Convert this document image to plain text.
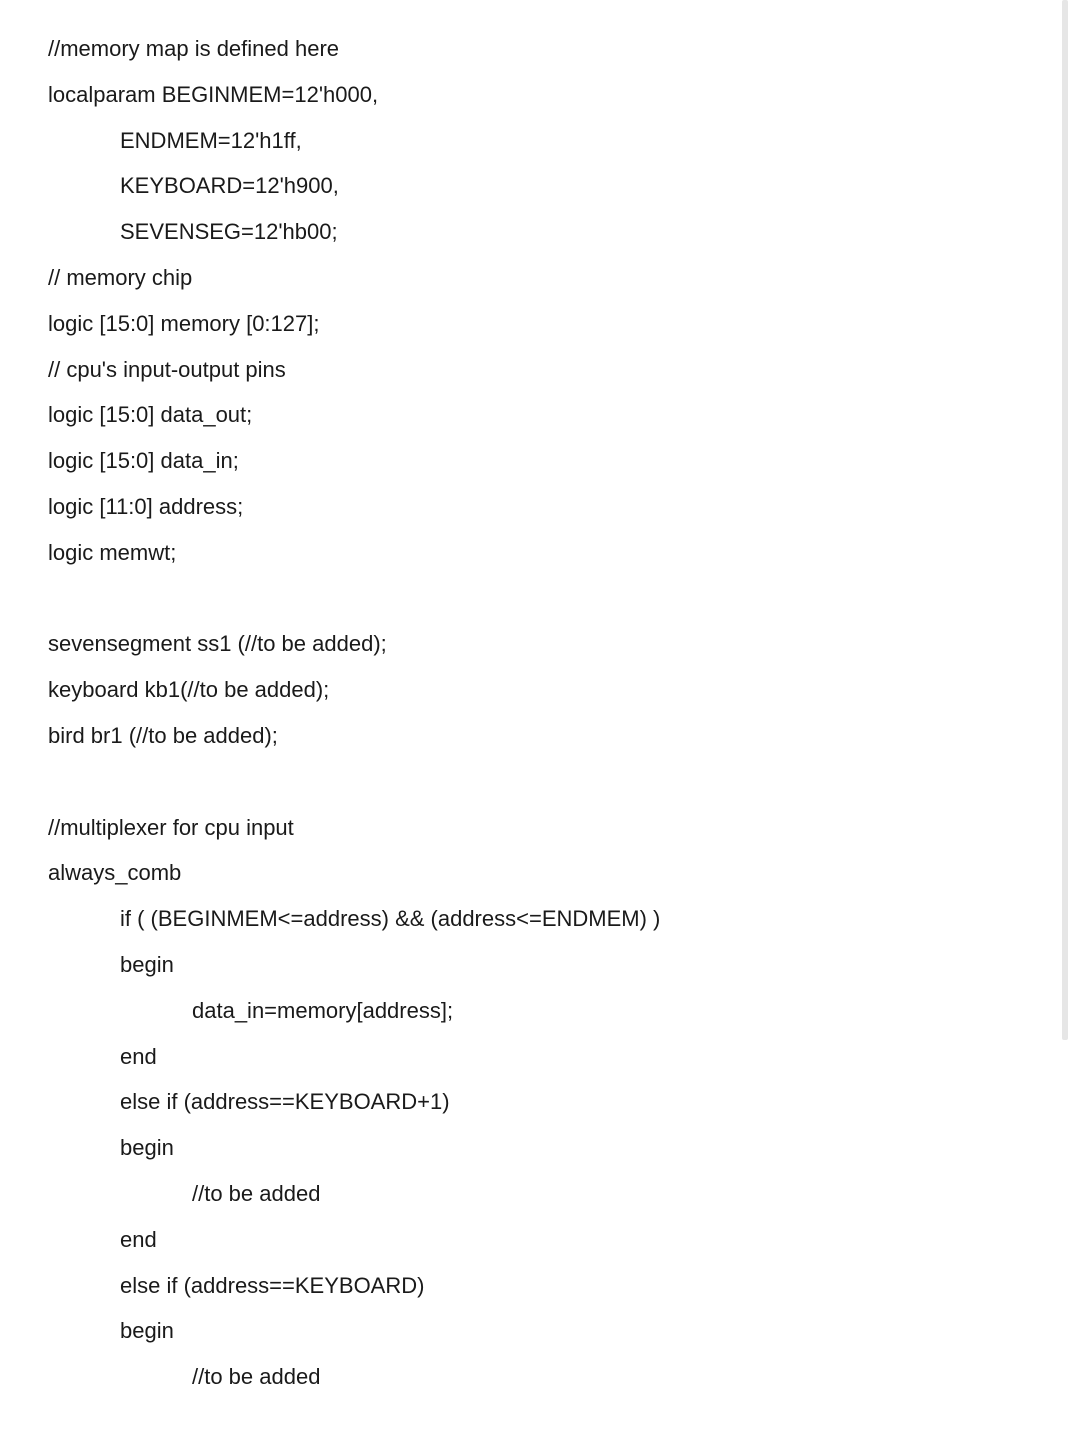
//memory map is defined here
localparam BEGINMEM=12'h000,
ENDMEM=12'h1ff,
KEYBOARD=12'h900,
SEVENSEG=12'hb00;
// memory chip
logic [15:0] memory [0:127];
// cpu's input-output pins
logic [15:0] data_out;
logic [15:0] data_in;
logic [11:0] address;
logic memwt;
sevensegment ss1 (//to be added);
keyboard kb1(//to be added);
bird br1 (//to be added);
//multiplexer for cpu input
always_comb
if ( (BEGINMEM<=address) && (address<=ENDMEM) )
begin
data_in=memory[address];
end
else if (address==KEYBOARD+1)
begin
//to be added
end
else if (address==KEYBOARD)
begin
//to be added
